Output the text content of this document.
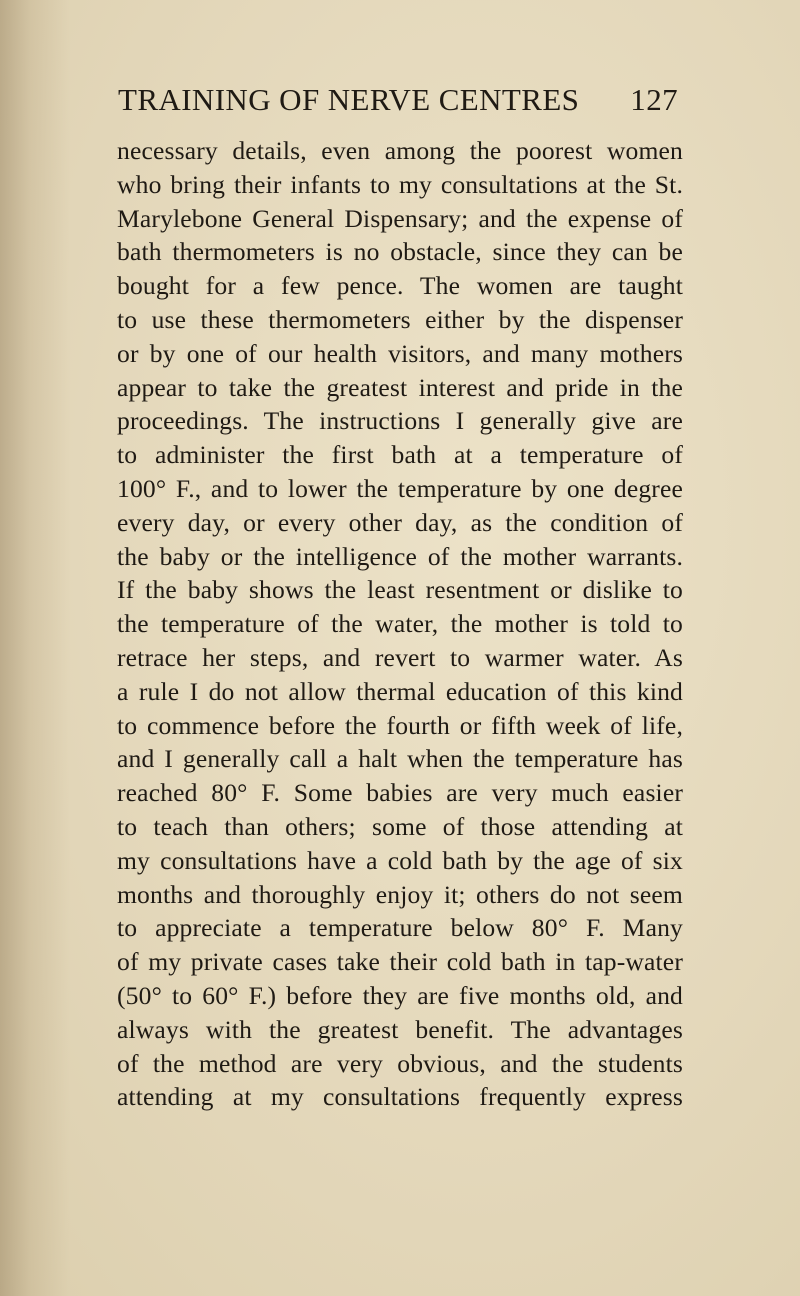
TRAINING OF NERVE CENTRES 127
necessary details, even among the poorest women
who bring their infants to my consultations at the St.
Marylebone General Dispensary; and the expense of
bath thermometers is no obstacle, since they can be
bought for a few pence. The women are taught
to use these thermometers either by the dispenser
or by one of our health visitors, and many mothers
appear to take the greatest interest and pride in the
proceedings. The instructions I generally give are
to administer the first bath at a temperature of
100° F., and to lower the temperature by one degree
every day, or every other day, as the condition of
the baby or the intelligence of the mother warrants.
If the baby shows the least resentment or dislike to
the temperature of the water, the mother is told to
retrace her steps, and revert to warmer water. As
a rule I do not allow thermal education of this kind
to commence before the fourth or fifth week of life,
and I generally call a halt when the temperature has
reached 80° F. Some babies are very much easier
to teach than others; some of those attending at
my consultations have a cold bath by the age of six
months and thoroughly enjoy it; others do not seem
to appreciate a temperature below 80° F. Many
of my private cases take their cold bath in tap-water
(50° to 60° F.) before they are five months old, and
always with the greatest benefit. The advantages
of the method are very obvious, and the students
attending at my consultations frequently express
